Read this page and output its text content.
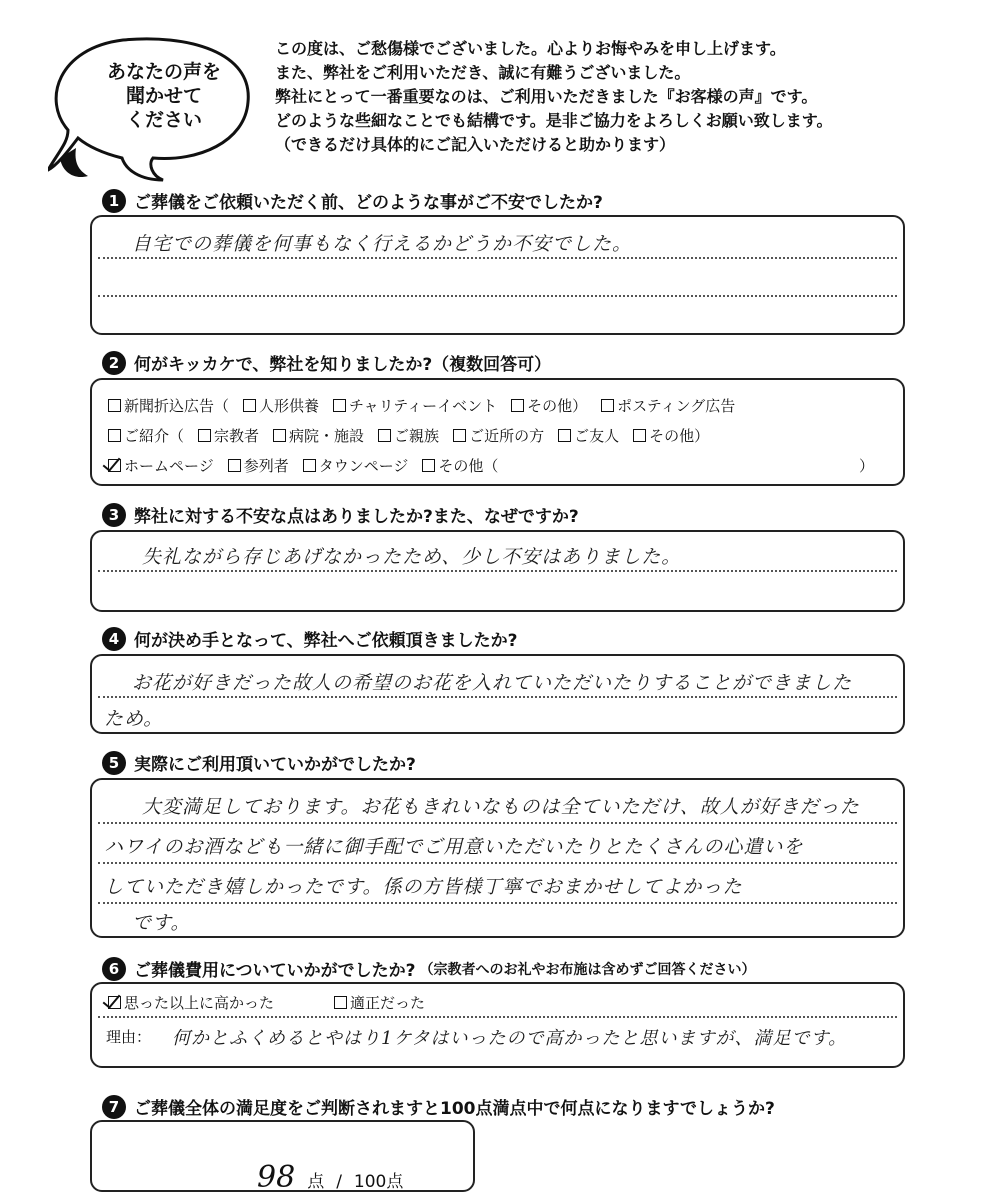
あなたの声を
聞かせて
ください
この度は、ご愁傷様でございました。心よりお悔やみを申し上げます。
また、弊社をご利用いただき、誠に有難うございました。
弊社にとって一番重要なのは、ご利用いただきました『お客様の声』です。
どのような些細なことでも結構です。是非ご協力をよろしくお願い致します。
（できるだけ具体的にご記入いただけると助かります）
1 ご葬儀をご依頼いただく前、どのような事がご不安でしたか?
自宅での葬儀を何事もなく行えるかどうか不安でした。
2 何がキッカケで、弊社を知りましたか?（複数回答可）
新聞折込広告（ 人形供養 チャリティーイベント その他） ポスティング広告
ご紹介（ 宗教者 病院・施設 ご親族 ご近所の方 ご友人 その他）
ホームページ 参列者 タウンページ その他（	）
3 弊社に対する不安な点はありましたか?また、なぜですか?
失礼ながら存じあげなかったため、少し不安はありました。
4 何が決め手となって、弊社へご依頼頂きましたか?
お花が好きだった故人の希望のお花を入れていただいたりすることができました
ため。
5 実際にご利用頂いていかがでしたか?
大変満足しております。お花もきれいなものは全ていただけ、故人が好きだった
ハワイのお酒なども一緒に御手配でご用意いただいたりとたくさんの心遣いを
していただき嬉しかったです。係の方皆様丁寧でおまかせしてよかった
です。
6 ご葬儀費用についていかがでしたか? （宗教者へのお礼やお布施は含めずご回答ください）
思った以上に高かった	適正だった
理由： 何かとふくめるとやはり1ケタはいったので高かったと思いますが、満足です。
7 ご葬儀全体の満足度をご判断されますと100点満点中で何点になりますでしょうか?
98 点 / 100点
